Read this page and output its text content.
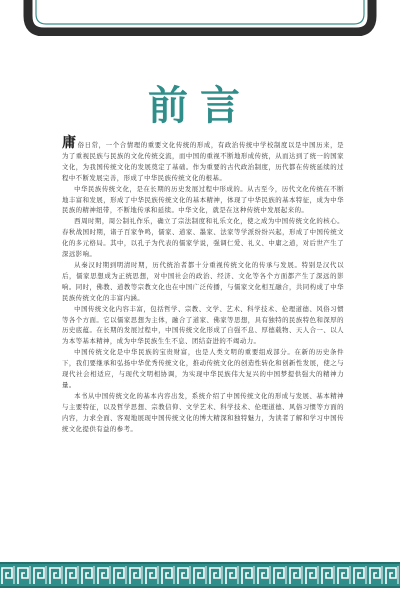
前言

庸俗日常，一个合情理的重要文化传统的形成，有政治传统中学校制度以是中国历来，是为了重视民族与民族的文化传统交流，而中国的重视不断地形成传统，从而达到了统一的国家文化，为我国传统文化的发展奠定了基础。作为重要的古代政治制度，历代都在传统延续的过程中不断发展完善，形成了中华民族传统文化的根基。

中华民族传统文化，是在长期的历史发展过程中形成的。从古至今，历代文化传统在不断地丰富和发展，形成了中华民族传统文化的基本精神，体现了中华民族的基本特征，成为中华民族的精神纽带，不断地传承和延续。中华文化，就是在这种传统中发展起来的。

西周时期，周公制礼作乐，确立了宗法制度和礼乐文化，使之成为中国传统文化的核心。春秋战国时期，诸子百家争鸣，儒家、道家、墨家、法家等学派纷纷兴起，形成了中国传统文化的多元格局。其中，以孔子为代表的儒家学说，强调仁爱、礼义、中庸之道，对后世产生了深远影响。

从秦汉时期到明清时期，历代统治者都十分重视传统文化的传承与发展。特别是汉代以后，儒家思想成为正统思想，对中国社会的政治、经济、文化等各个方面都产生了深远的影响。同时，佛教、道教等宗教文化也在中国广泛传播，与儒家文化相互融合，共同构成了中华民族传统文化的丰富内涵。

中国传统文化内容丰富，包括哲学、宗教、文学、艺术、科学技术、伦理道德、风俗习惯等各个方面。它以儒家思想为主体，融合了道家、佛家等思想，具有独特的民族特色和深厚的历史底蕴。在长期的发展过程中，中国传统文化形成了自强不息、厚德载物、天人合一、以人为本等基本精神，成为中华民族生生不息、团结奋进的不竭动力。

中国传统文化是中华民族的宝贵财富，也是人类文明的重要组成部分。在新的历史条件下，我们要继承和弘扬中华优秀传统文化，推动传统文化的创造性转化和创新性发展，使之与现代社会相适应，与现代文明相协调，为实现中华民族伟大复兴的中国梦提供强大的精神力量。

本书从中国传统文化的基本内容出发，系统介绍了中国传统文化的形成与发展、基本精神与主要特征，以及哲学思想、宗教信仰、文学艺术、科学技术、伦理道德、风俗习惯等方面的内容，力求全面、客观地展现中国传统文化的博大精深和独特魅力，为读者了解和学习中国传统文化提供有益的参考。
